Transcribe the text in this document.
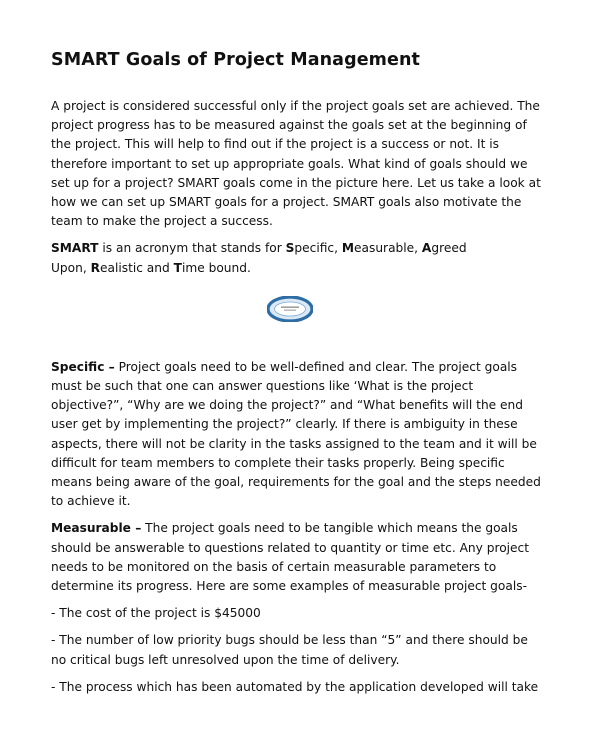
SMART Goals of Project Management

A project is considered successful only if the project goals set are achieved. The project progress has to be measured against the goals set at the beginning of the project. This will help to find out if the project is a success or not. It is therefore important to set up appropriate goals. What kind of goals should we set up for a project? SMART goals come in the picture here. Let us take a look at how we can set up SMART goals for a project. SMART goals also motivate the team to make the project a success.

SMART is an acronym that stands for Specific, Measurable, Agreed
Upon, Realistic and Time bound.

Specific – Project goals need to be well-defined and clear. The project goals must be such that one can answer questions like ‘What is the project objective?”, “Why are we doing the project?” and “What benefits will the end user get by implementing the project?” clearly. If there is ambiguity in these aspects, there will not be clarity in the tasks assigned to the team and it will be difficult for team members to complete their tasks properly. Being specific means being aware of the goal, requirements for the goal and the steps needed to achieve it.

Measurable – The project goals need to be tangible which means the goals should be answerable to questions related to quantity or time etc. Any project needs to be monitored on the basis of certain measurable parameters to determine its progress. Here are some examples of measurable project goals-

- The cost of the project is $45000

- The number of low priority bugs should be less than “5” and there should be no critical bugs left unresolved upon the time of delivery.

- The process which has been automated by the application developed will take
